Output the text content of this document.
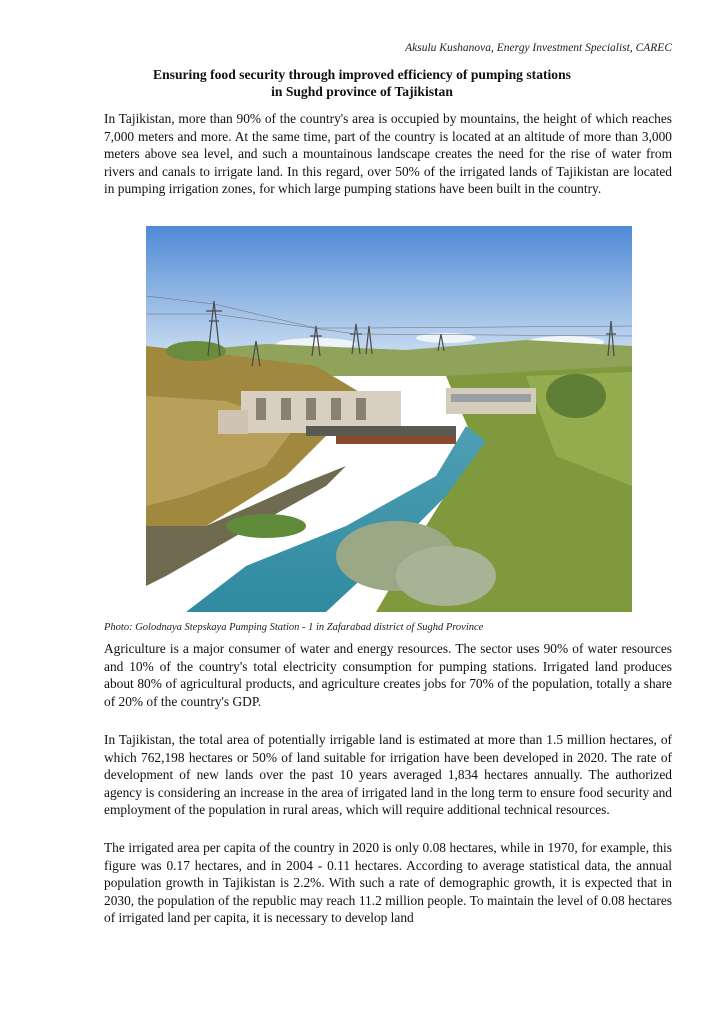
Aksulu Kushanova, Energy Investment Specialist, CAREC
Ensuring food security through improved efficiency of pumping stations
in Sughd province of Tajikistan

In Tajikistan, more than 90% of the country's area is occupied by mountains, the height of which reaches 7,000 meters and more. At the same time, part of the country is located at an altitude of more than 3,000 meters above sea level, and such a mountainous landscape creates the need for the rise of water from rivers and canals to irrigate land. In this regard, over 50% of the irrigated lands of Tajikistan are located in pumping irrigation zones, for which large pumping stations have been built in the country.

Photo: Golodnaya Stepskaya Pumping Station - 1 in Zafarabad district of Sughd Province

Agriculture is a major consumer of water and energy resources. The sector uses 90% of water resources and 10% of the country's total electricity consumption for pumping stations. Irrigated land produces about 80% of agricultural products, and agriculture creates jobs for 70% of the population, totally a share of 20% of the country's GDP.

In Tajikistan, the total area of potentially irrigable land is estimated at more than 1.5 million hectares, of which 762,198 hectares or 50% of land suitable for irrigation have been developed in 2020. The rate of development of new lands over the past 10 years averaged 1,834 hectares annually. The authorized agency is considering an increase in the area of irrigated land in the long term to ensure food security and employment of the population in rural areas, which will require additional technical resources.

The irrigated area per capita of the country in 2020 is only 0.08 hectares, while in 1970, for example, this figure was 0.17 hectares, and in 2004 - 0.11 hectares. According to average statistical data, the annual population growth in Tajikistan is 2.2%. With such a rate of demographic growth, it is expected that in 2030, the population of the republic may reach 11.2 million people. To maintain the level of 0.08 hectares of irrigated land per capita, it is necessary to develop land
